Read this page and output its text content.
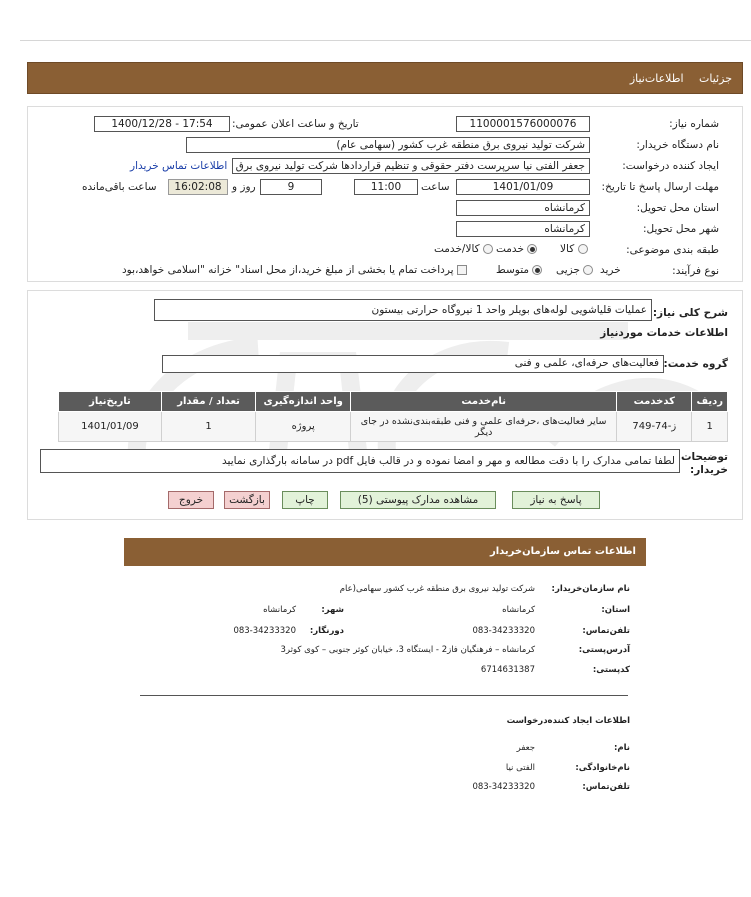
جزئیات اطلاعات‌نیاز
شماره نیاز:
1100001576000076
تاریخ و ساعت اعلان عمومی:
1400/12/28 - 17:54
نام دستگاه خریدار:
شرکت تولید نیروی برق منطقه غرب کشور (سهامی عام)
ایجاد کننده درخواست:
جعفر الفتی نیا سرپرست دفتر حقوقی و تنظیم قراردادها شرکت تولید نیروی برق
اطلاعات تماس خریدار
مهلت ارسال پاسخ تا تاریخ:
1401/01/09
ساعت
11:00
9
روز و
16:02:08
ساعت باقی‌مانده
استان محل تحویل:
کرمانشاه
شهر محل تحویل:
کرمانشاه
طبقه بندی موضوعی:
کالا
خدمت
کالا/خدمت
نوع فرآیند:
خرید
جزیی
متوسط
پرداخت تمام یا بخشی از مبلغ خرید،از محل اسناد" خزانه "اسلامی خواهد،بود
شرح کلی نیاز:
عملیات قلیاشویی لوله‌های بویلر واحد 1 نیروگاه حرارتی بیستون
اطلاعات خدمات موردنیاز
گروه خدمت:
فعالیت‌های حرفه‌ای، علمی و فنی
ردیف	کدخدمت	نام‌خدمت	واحد اندازه‌گیری	تعداد / مقدار	تاریخ‌نیاز
1	ز-74-749	سایر فعالیت‌های ،حرفه‌ای علمی و فنی طبقه‌بندی‌نشده در جای دیگر	پروژه	1	1401/01/09
توضیحات خریدار:
لطفا تمامی مدارک را با دقت مطالعه و مهر و امضا نموده و در قالب فایل pdf در سامانه بارگذاری نمایید
پاسخ به نیاز
مشاهده مدارک پیوستی (5)
چاپ
بازگشت
خروج
اطلاعات تماس سازمان‌خریدار
نام سازمان‌خریدار:
شرکت تولید نیروی برق منطقه غرب کشور سهامی(عام
استان:
کرمانشاه
شهر:
کرمانشاه
تلفن‌تماس:
083-34233320
دورنگار:
083-34233320
آدرس‌پستی:
کرمانشاه – فرهنگیان فاز2 - ایستگاه 3، خیابان کوثر جنوبی – کوی کوثر3
کدپستی:
6714631387
اطلاعات ایجاد کننده‌درخواست
نام:
جعفر
نام‌خانوادگی:
الفتی نیا
تلفن‌تماس:
083-34233320
